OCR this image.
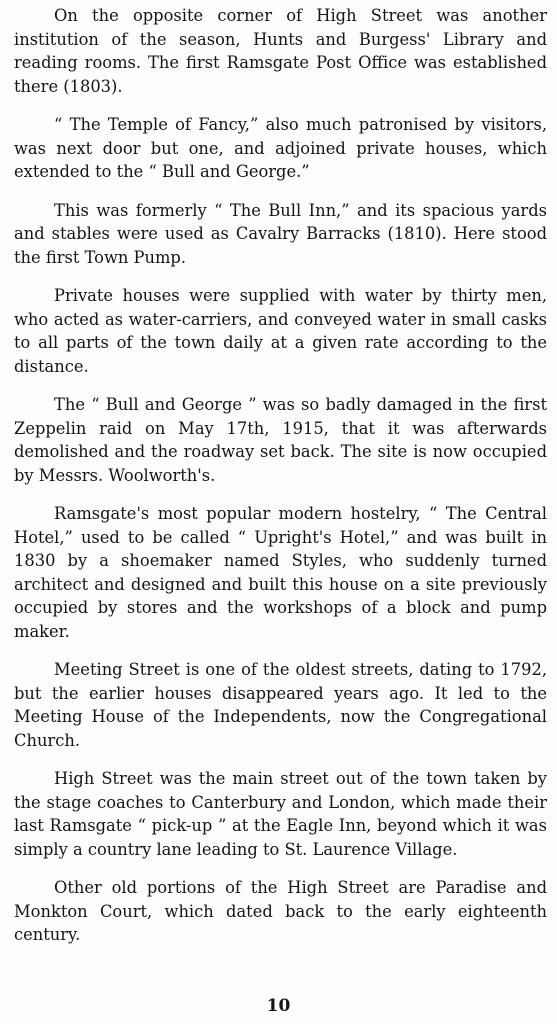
On the opposite corner of High Street was another institution of the season, Hunts and Burgess' Library and reading rooms. The first Ramsgate Post Office was established there (1803).

“ The Temple of Fancy,” also much patronised by visitors, was next door but one, and adjoined private houses, which extended to the “ Bull and George.”

This was formerly “ The Bull Inn,” and its spacious yards and stables were used as Cavalry Barracks (1810). Here stood the first Town Pump.

Private houses were supplied with water by thirty men, who acted as water-carriers, and conveyed water in small casks to all parts of the town daily at a given rate according to the distance.

The “ Bull and George ” was so badly damaged in the first Zeppelin raid on May 17th, 1915, that it was afterwards demolished and the roadway set back. The site is now occupied by Messrs. Woolworth's.

Ramsgate's most popular modern hostelry, “ The Central Hotel,” used to be called “ Upright's Hotel,” and was built in 1830 by a shoemaker named Styles, who suddenly turned architect and designed and built this house on a site previously occupied by stores and the workshops of a block and pump maker.

Meeting Street is one of the oldest streets, dating to 1792, but the earlier houses disappeared years ago. It led to the Meeting House of the Independents, now the Congregational Church.

High Street was the main street out of the town taken by the stage coaches to Canterbury and London, which made their last Ramsgate “ pick-up ” at the Eagle Inn, beyond which it was simply a country lane leading to St. Laurence Village.

Other old portions of the High Street are Paradise and Monkton Court, which dated back to the early eighteenth century.

10
